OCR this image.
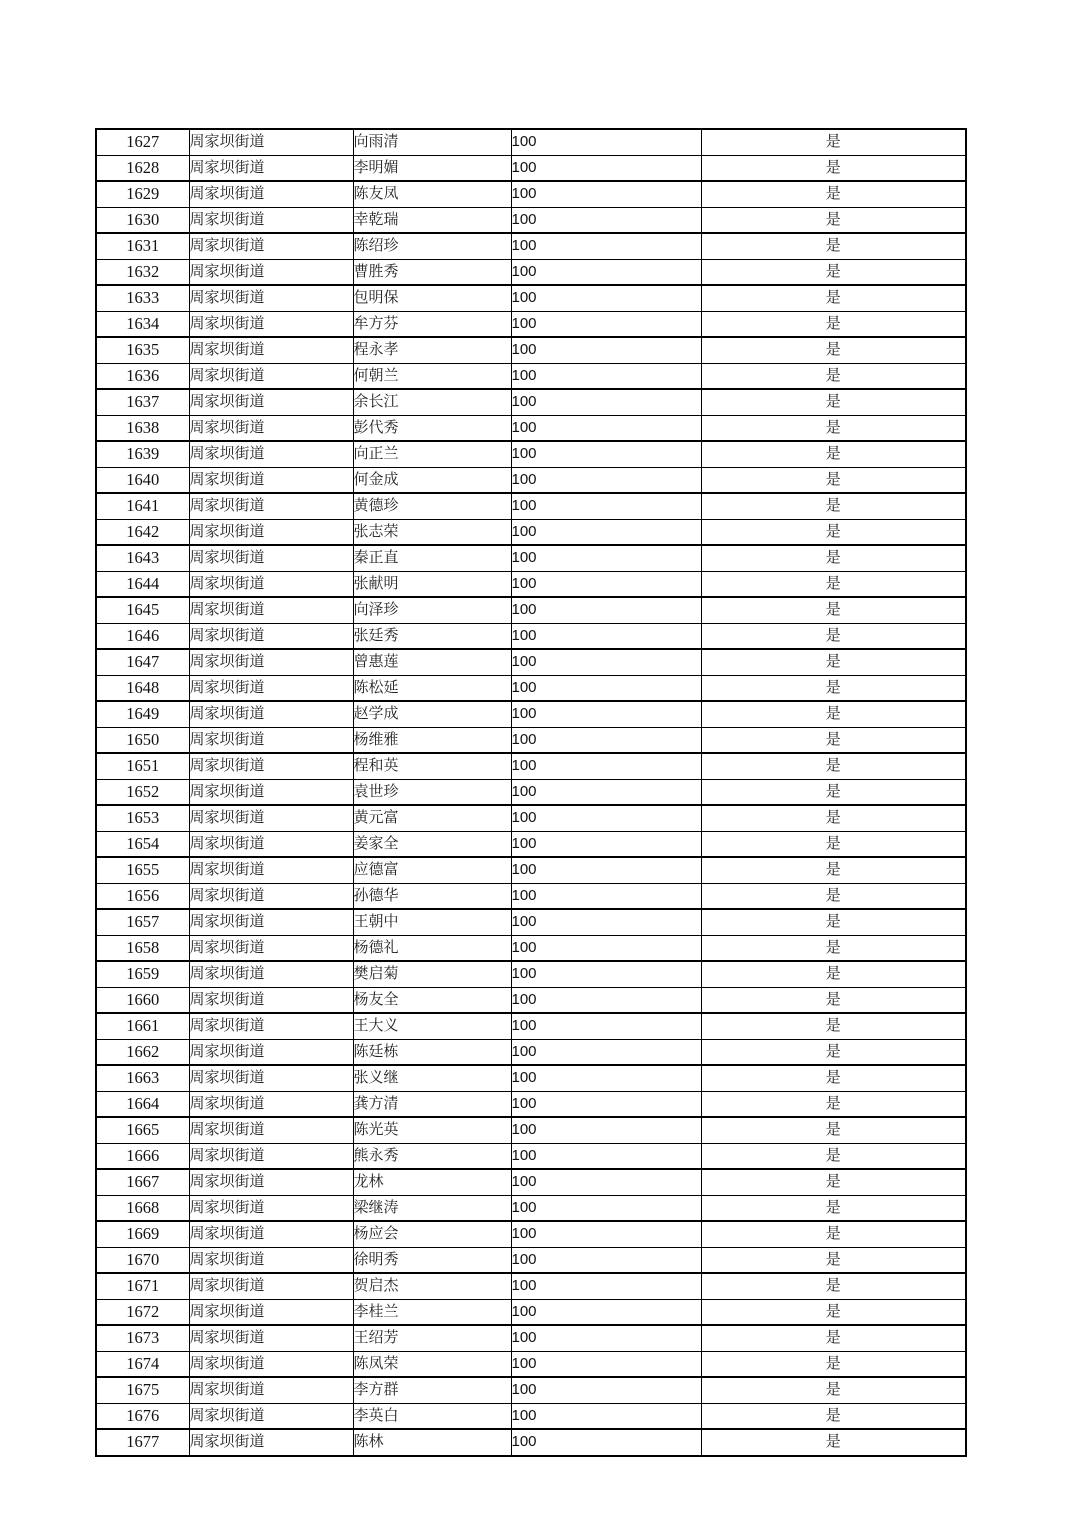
1627	周家坝街道	向雨清	100	是
1628	周家坝街道	李明媚	100	是
1629	周家坝街道	陈友凤	100	是
1630	周家坝街道	幸乾瑞	100	是
1631	周家坝街道	陈绍珍	100	是
1632	周家坝街道	曹胜秀	100	是
1633	周家坝街道	包明保	100	是
1634	周家坝街道	牟方芬	100	是
1635	周家坝街道	程永孝	100	是
1636	周家坝街道	何朝兰	100	是
1637	周家坝街道	余长江	100	是
1638	周家坝街道	彭代秀	100	是
1639	周家坝街道	向正兰	100	是
1640	周家坝街道	何金成	100	是
1641	周家坝街道	黄德珍	100	是
1642	周家坝街道	张志荣	100	是
1643	周家坝街道	秦正直	100	是
1644	周家坝街道	张献明	100	是
1645	周家坝街道	向泽珍	100	是
1646	周家坝街道	张廷秀	100	是
1647	周家坝街道	曾惠莲	100	是
1648	周家坝街道	陈松延	100	是
1649	周家坝街道	赵学成	100	是
1650	周家坝街道	杨维雅	100	是
1651	周家坝街道	程和英	100	是
1652	周家坝街道	袁世珍	100	是
1653	周家坝街道	黄元富	100	是
1654	周家坝街道	姜家全	100	是
1655	周家坝街道	应德富	100	是
1656	周家坝街道	孙德华	100	是
1657	周家坝街道	王朝中	100	是
1658	周家坝街道	杨德礼	100	是
1659	周家坝街道	樊启菊	100	是
1660	周家坝街道	杨友全	100	是
1661	周家坝街道	王大义	100	是
1662	周家坝街道	陈廷栋	100	是
1663	周家坝街道	张义继	100	是
1664	周家坝街道	龚方清	100	是
1665	周家坝街道	陈光英	100	是
1666	周家坝街道	熊永秀	100	是
1667	周家坝街道	龙林	100	是
1668	周家坝街道	梁继涛	100	是
1669	周家坝街道	杨应会	100	是
1670	周家坝街道	徐明秀	100	是
1671	周家坝街道	贺启杰	100	是
1672	周家坝街道	李桂兰	100	是
1673	周家坝街道	王绍芳	100	是
1674	周家坝街道	陈凤荣	100	是
1675	周家坝街道	李方群	100	是
1676	周家坝街道	李英白	100	是
1677	周家坝街道	陈林	100	是
